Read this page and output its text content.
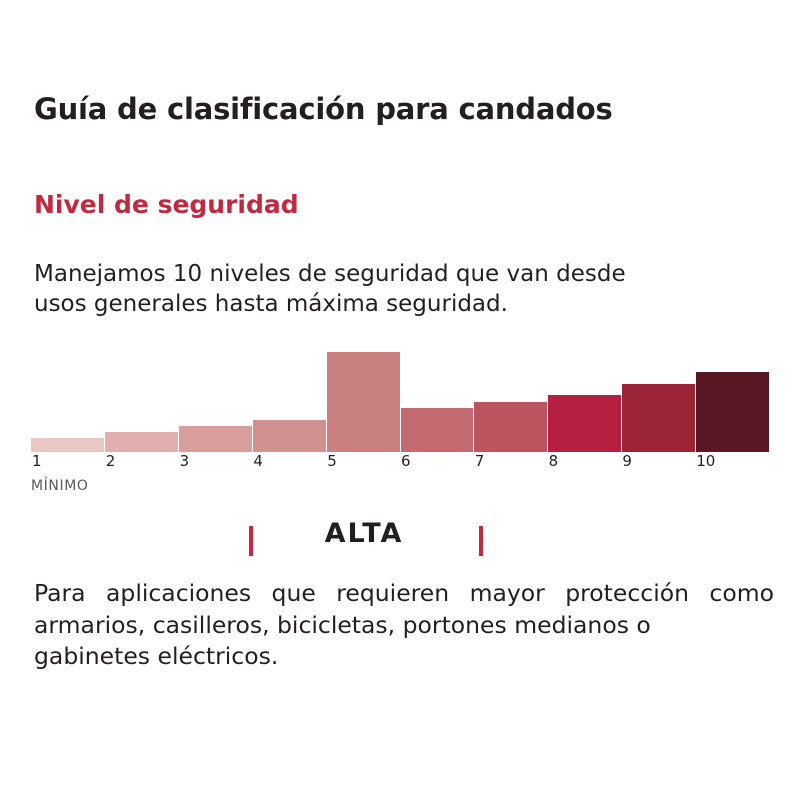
Guía de clasificación para candados
Nivel de seguridad

Manejamos 10 niveles de seguridad que van desde usos generales hasta máxima seguridad.

1	2	3	4	5	6	7	8	9	10
MÍNIMO
ALTA
Para aplicaciones que requieren mayor protección como armarios, casilleros, bicicletas, portones medianos o
gabinetes eléctricos.
